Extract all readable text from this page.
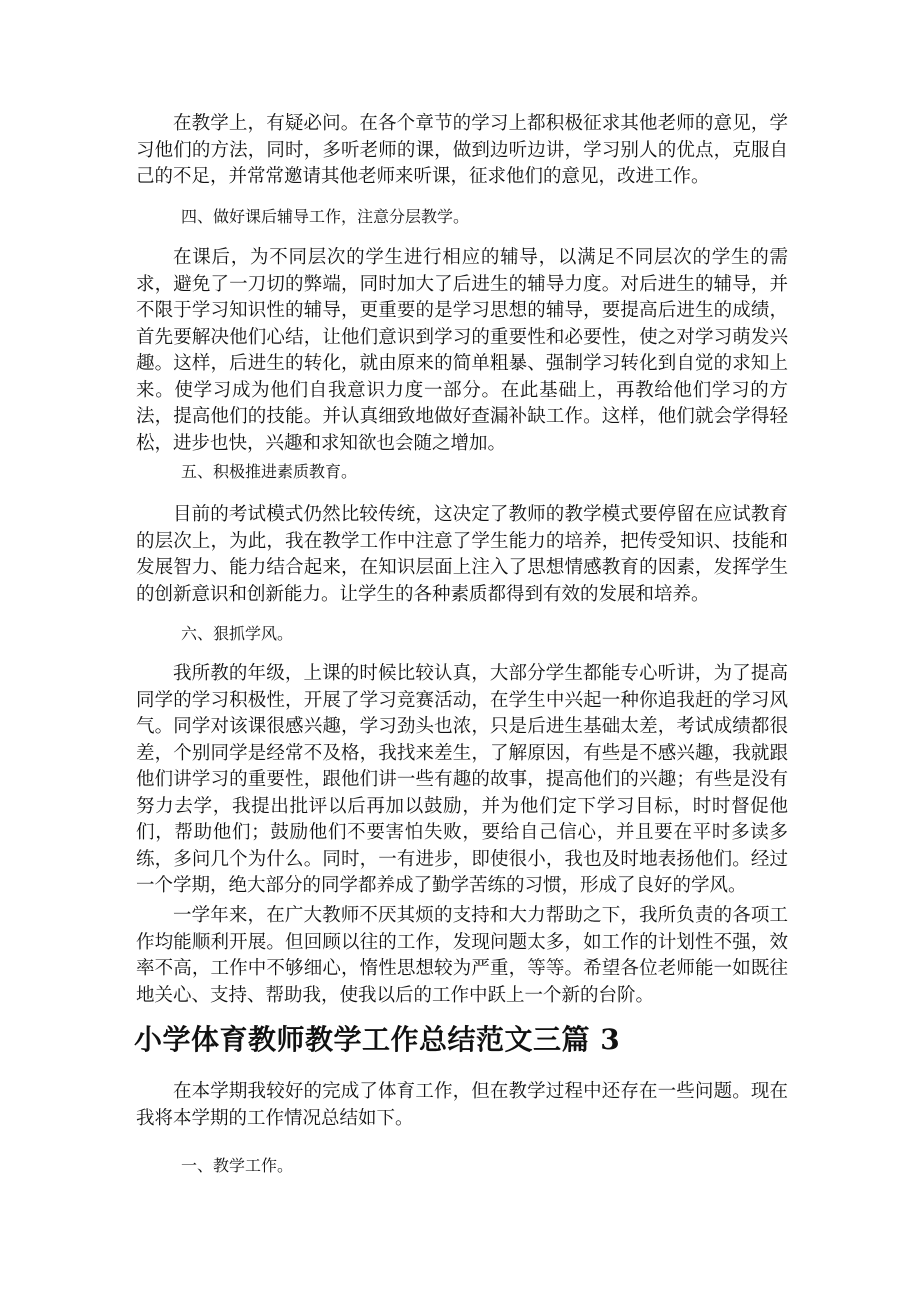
在教学上，有疑必问。在各个章节的学习上都积极征求其他老师的意见，学习他们的方法，同时，多听老师的课，做到边听边讲，学习别人的优点，克服自己的不足，并常常邀请其他老师来听课，征求他们的意见，改进工作。

四、做好课后辅导工作，注意分层教学。

在课后，为不同层次的学生进行相应的辅导，以满足不同层次的学生的需求，避免了一刀切的弊端，同时加大了后进生的辅导力度。对后进生的辅导，并不限于学习知识性的辅导，更重要的是学习思想的辅导，要提高后进生的成绩，首先要解决他们心结，让他们意识到学习的重要性和必要性，使之对学习萌发兴趣。这样，后进生的转化，就由原来的简单粗暴、强制学习转化到自觉的求知上来。使学习成为他们自我意识力度一部分。在此基础上，再教给他们学习的方法，提高他们的技能。并认真细致地做好查漏补缺工作。这样，他们就会学得轻松，进步也快，兴趣和求知欲也会随之增加。

五、积极推进素质教育。

目前的考试模式仍然比较传统，这决定了教师的教学模式要停留在应试教育的层次上，为此，我在教学工作中注意了学生能力的培养，把传受知识、技能和发展智力、能力结合起来，在知识层面上注入了思想情感教育的因素，发挥学生的创新意识和创新能力。让学生的各种素质都得到有效的发展和培养。

六、狠抓学风。

我所教的年级，上课的时候比较认真，大部分学生都能专心听讲，为了提高同学的学习积极性，开展了学习竞赛活动，在学生中兴起一种你追我赶的学习风气。同学对该课很感兴趣，学习劲头也浓，只是后进生基础太差，考试成绩都很差，个别同学是经常不及格，我找来差生，了解原因，有些是不感兴趣，我就跟他们讲学习的重要性，跟他们讲一些有趣的故事，提高他们的兴趣；有些是没有努力去学，我提出批评以后再加以鼓励，并为他们定下学习目标，时时督促他们，帮助他们；鼓励他们不要害怕失败，要给自己信心，并且要在平时多读多练，多问几个为什么。同时，一有进步，即使很小，我也及时地表扬他们。经过一个学期，绝大部分的同学都养成了勤学苦练的习惯，形成了良好的学风。

一学年来，在广大教师不厌其烦的支持和大力帮助之下，我所负责的各项工作均能顺利开展。但回顾以往的工作，发现问题太多，如工作的计划性不强，效率不高，工作中不够细心，惰性思想较为严重，等等。希望各位老师能一如既往地关心、支持、帮助我，使我以后的工作中跃上一个新的台阶。

小学体育教师教学工作总结范文三篇 3

在本学期我较好的完成了体育工作，但在教学过程中还存在一些问题。现在我将本学期的工作情况总结如下。

一、教学工作。
